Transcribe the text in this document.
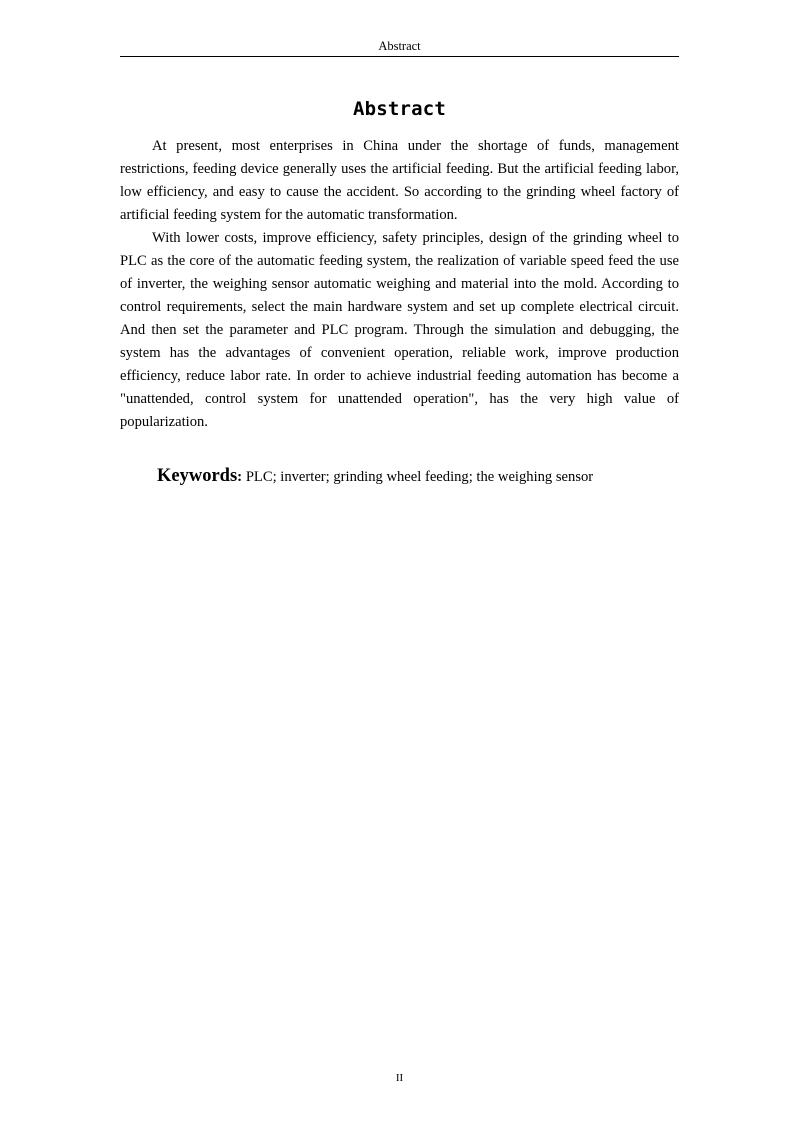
Abstract
Abstract

At present, most enterprises in China under the shortage of funds, management restrictions, feeding device generally uses the artificial feeding. But the artificial feeding labor, low efficiency, and easy to cause the accident. So according to the grinding wheel factory of artificial feeding system for the automatic transformation.

With lower costs, improve efficiency, safety principles, design of the grinding wheel to PLC as the core of the automatic feeding system, the realization of variable speed feed the use of inverter, the weighing sensor automatic weighing and material into the mold. According to control requirements, select the main hardware system and set up complete electrical circuit. And then set the parameter and PLC program. Through the simulation and debugging, the system has the advantages of convenient operation, reliable work, improve production efficiency, reduce labor rate. In order to achieve industrial feeding automation has become a "unattended, control system for unattended operation", has the very high value of popularization.

Keywords: PLC; inverter; grinding wheel feeding; the weighing sensor
II
